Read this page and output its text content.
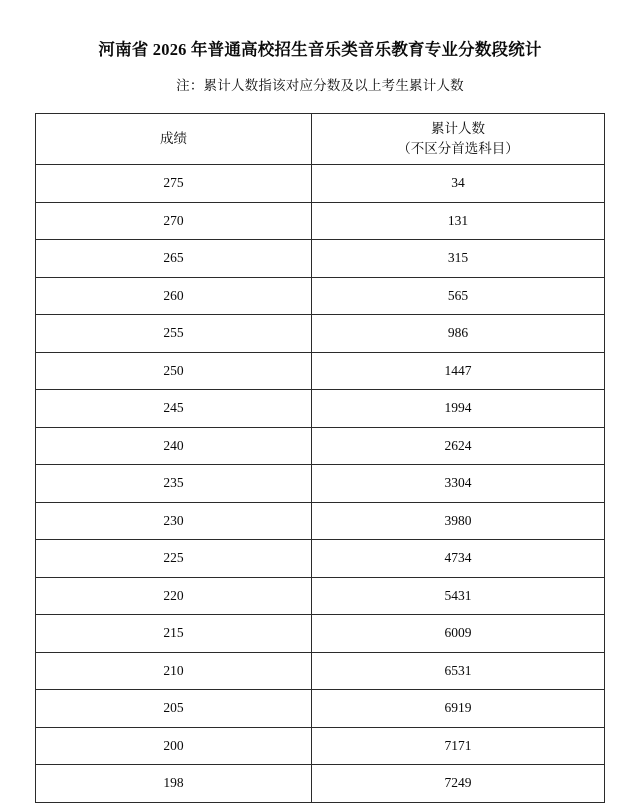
河南省 2026 年普通高校招生音乐类音乐教育专业分数段统计
注：累计人数指该对应分数及以上考生累计人数
成绩	累计人数
（不区分首选科目）

275	34
270	131
265	315
260	565
255	986
250	1447
245	1994
240	2624
235	3304
230	3980
225	4734
220	5431
215	6009
210	6531
205	6919
200	7171
198	7249
